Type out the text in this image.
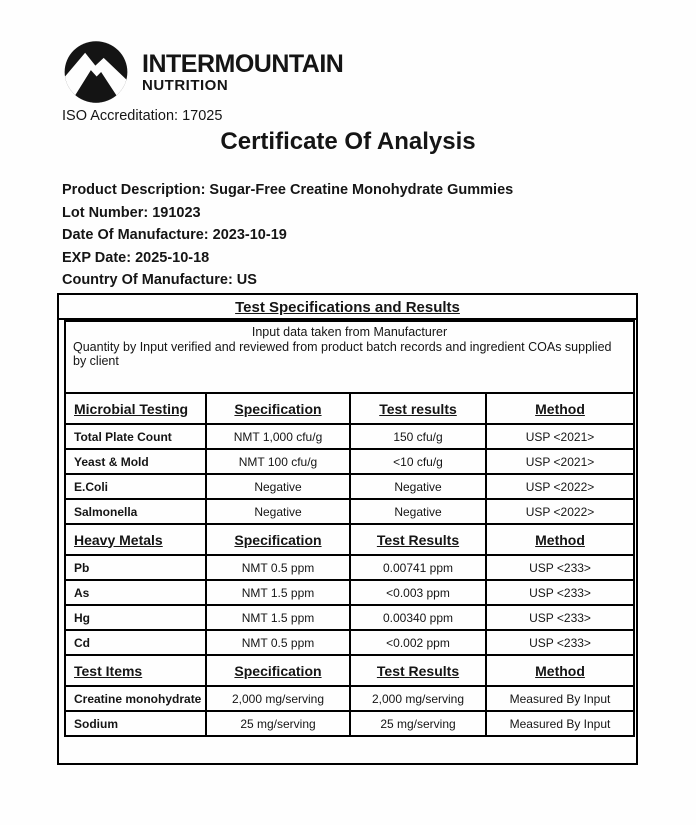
INTERMOUNTAIN
NUTRITION
ISO Accreditation: 17025
Certificate Of Analysis
Product Description: Sugar-Free Creatine Monohydrate Gummies
Lot Number: 191023
Date Of Manufacture: 2023-10-19
EXP Date: 2025-10-18
Country Of Manufacture: US
Test Specifications and Results
Input data taken from Manufacturer
Quantity by Input verified and reviewed from product batch records and ingredient COAs supplied by client			

Microbial Testing	Specification	Test results	Method
Total Plate Count	NMT 1,000 cfu/g	150 cfu/g	USP <2021>
Yeast & Mold	NMT 100 cfu/g	<10 cfu/g	USP <2021>
E.Coli	Negative	Negative	USP <2022>
Salmonella	Negative	Negative	USP <2022>
Heavy Metals	Specification	Test Results	Method
Pb	NMT 0.5 ppm	0.00741 ppm	USP <233>
As	NMT 1.5 ppm	<0.003 ppm	USP <233>
Hg	NMT 1.5 ppm	0.00340 ppm	USP <233>
Cd	NMT 0.5 ppm	<0.002 ppm	USP <233>
Test Items	Specification	Test Results	Method
Creatine monohydrate	2,000 mg/serving	2,000 mg/serving	Measured By Input
Sodium	25 mg/serving	25 mg/serving	Measured By Input
